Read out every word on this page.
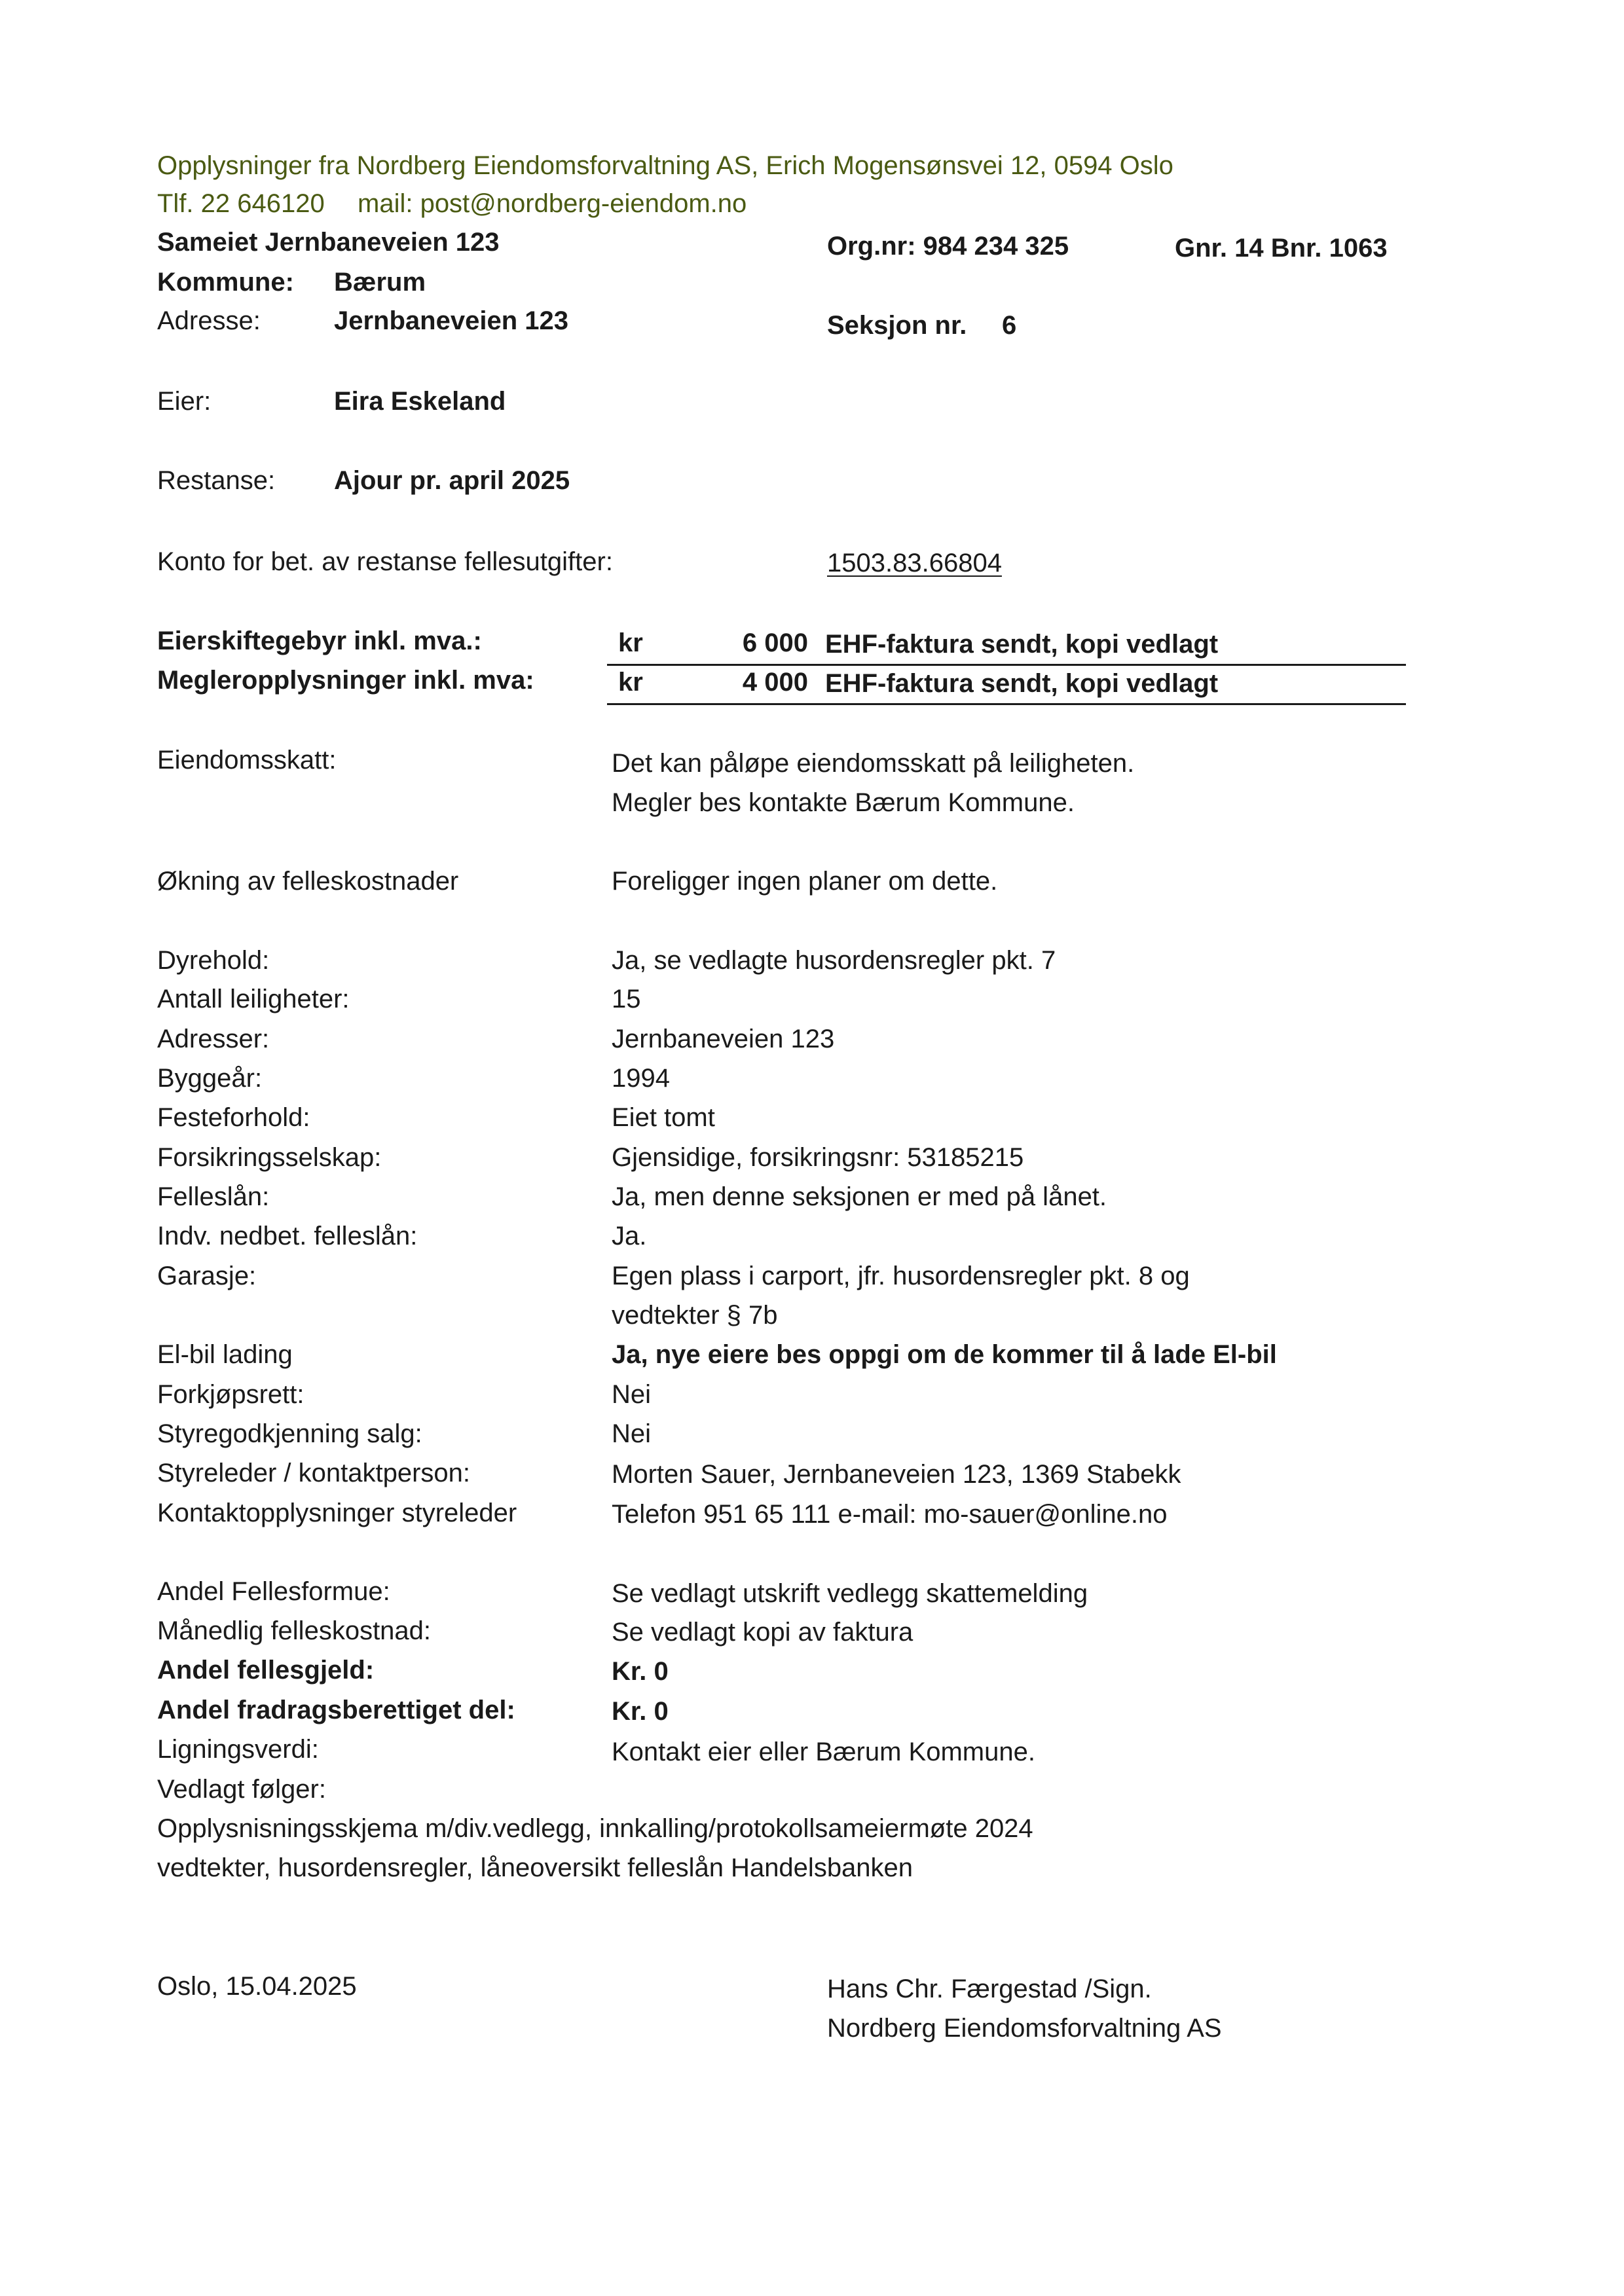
Opplysninger fra Nordberg Eiendomsforvaltning AS, Erich Mogensønsvei 12, 0594 Oslo
Tlf. 22 646120 mail: post@nordberg-eiendom.no
Sameiet Jernbaneveien 123	Org.nr: 984 234 325	Gnr. 14 Bnr. 1063
Kommune: Bærum
Adresse:	Jernbaneveien 123	Seksjon nr. 6
Eier:	Eira Eskeland
Restanse: Ajour pr. april 2025
Konto for bet. av restanse fellesutgifter:	1503.83.66804
Eierskiftegebyr inkl. mva.:	kr	6 000 EHF-faktura sendt, kopi vedlagt
Megleropplysninger inkl. mva:	kr	4 000 EHF-faktura sendt, kopi vedlagt
Eiendomsskatt:	Det kan påløpe eiendomsskatt på leiligheten.
Megler bes kontakte Bærum Kommune.
Økning av felleskostnader	Foreligger ingen planer om dette.
Dyrehold:	Ja, se vedlagte husordensregler pkt. 7
Antall leiligheter:	15
Adresser:	Jernbaneveien 123
Byggeår:	1994
Festeforhold:	Eiet tomt
Forsikringsselskap:	Gjensidige, forsikringsnr: 53185215
Felleslån:	Ja, men denne seksjonen er med på lånet.
Indv. nedbet. felleslån:	Ja.
Garasje:	Egen plass i carport, jfr. husordensregler pkt. 8 og
vedtekter § 7b
El-bil lading	Ja, nye eiere bes oppgi om de kommer til å lade El-bil
Forkjøpsrett:	Nei
Styregodkjenning salg:	Nei
Styreleder / kontaktperson:	Morten Sauer, Jernbaneveien 123, 1369 Stabekk
Kontaktopplysninger styreleder	Telefon 951 65 111 e-mail: mo-sauer@online.no
Andel Fellesformue:	Se vedlagt utskrift vedlegg skattemelding
Månedlig felleskostnad:	Se vedlagt kopi av faktura
Andel fellesgjeld:	Kr. 0
Andel fradragsberettiget del:	Kr. 0
Ligningsverdi:	Kontakt eier eller Bærum Kommune.
Vedlagt følger:
Opplysnisningsskjema m/div.vedlegg, innkalling/protokollsameiermøte 2024
vedtekter, husordensregler, låneoversikt felleslån Handelsbanken
Oslo, 15.04.2025	Hans Chr. Færgestad /Sign.
Nordberg Eiendomsforvaltning AS
